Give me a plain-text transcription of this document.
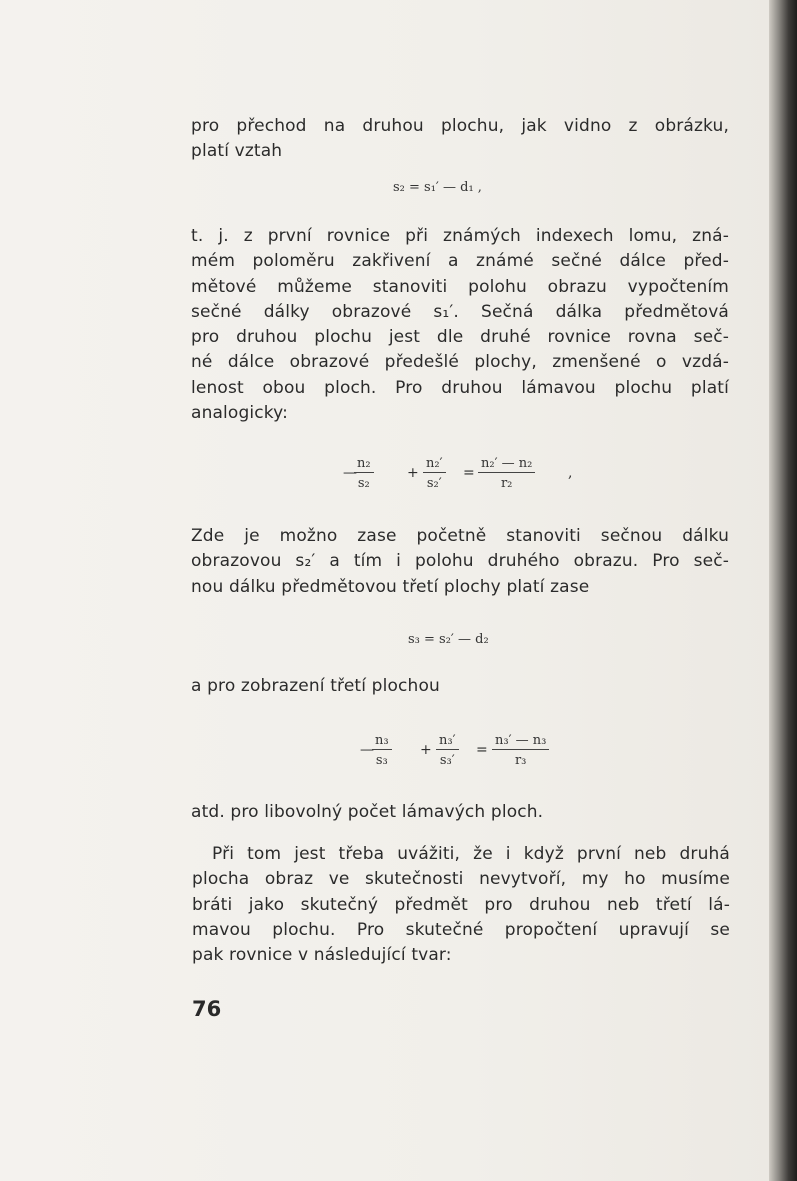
pro přechod na druhou plochu, jak vidno z obrázku,
platí vztah
s₂ = s₁′ — d₁ ,
t. j. z první rovnice při známých indexech lomu, zná-
mém poloměru zakřivení a známé sečné dálce před-
mětové můžeme stanoviti polohu obrazu vypočtením
sečné dálky obrazové s₁′. Sečná dálka předmětová
pro druhou plochu jest dle druhé rovnice rovna seč-
né dálce obrazové předešlé plochy, zmenšené o vzdá-
lenost obou ploch. Pro druhou lámavou plochu platí
analogicky:
—
$\frac{\text{n₂}}{\text{s₂}} + \frac{\text{n₂′}}{\text{s₂′}} = \frac{\text{n₂′ — n₂}}{\text{r₂}}$ ,
Zde je možno zase početně stanoviti sečnou dálku
obrazovou s₂′ a tím i polohu druhého obrazu. Pro seč-
nou dálku předmětovou třetí plochy platí zase
s₃ = s₂′ — d₂
a pro zobrazení třetí plochou
—
$\frac{\text{n₃}}{\text{s₃}} + \frac{\text{n₃′}}{\text{s₃′}} = \frac{\text{n₃′ — n₃}}{\text{r₃}}$
atd. pro libovolný počet lámavých ploch.
Při tom jest třeba uvážiti, že i když první neb druhá
plocha obraz ve skutečnosti nevytvoří, my ho musíme
bráti jako skutečný předmět pro druhou neb třetí lá-
mavou plochu. Pro skutečné propočtení upravují se
pak rovnice v následující tvar:
76
